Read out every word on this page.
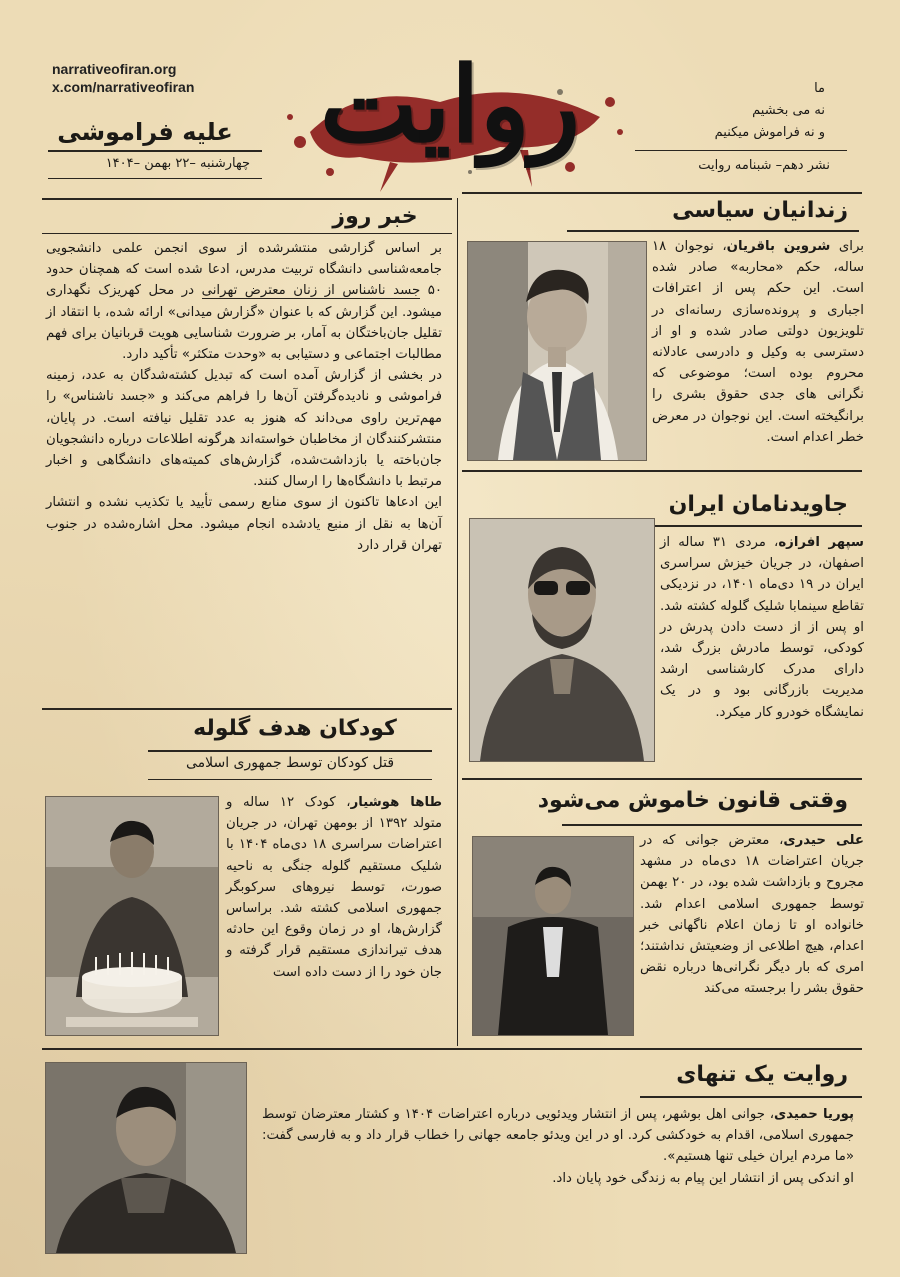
narrativeofiran.org
x.com/narrativeofiran	روایت	ما
نه می بخشیم
و نه فراموش میکنیم
نشر دهم– شبنامه روایت
علیه فراموشی
چهارشنبه –۲۲ بهمن –۱۴۰۴
خبر روز
بر اساس گزارشی منتشرشده از سوی انجمن علمی دانشجویی جامعه‌شناسی دانشگاه تربیت مدرس، ادعا شده است که همچنان حدود ۵۰ جسد ناشناس از زنان معترض تهرانی در محل کهریزک نگهداری میشود. این گزارش که با عنوان «گزارش میدانی» ارائه شده، با انتقاد از تقلیل جان‌باختگان به آمار، بر ضرورت شناسایی هویت قربانیان برای فهم مطالبات اجتماعی و دستیابی به «وحدت متکثر» تأکید دارد.
در بخشی از گزارش آمده است که تبدیل کشته‌شدگان به عدد، زمینه فراموشی و نادیده‌گرفتن آن‌ها را فراهم می‌کند و «جسد ناشناس» را مهم‌ترین راوی می‌داند که هنوز به عدد تقلیل نیافته است. در پایان، منتشرکنندگان از مخاطبان خواسته‌اند هرگونه اطلاعات درباره دانشجویان جان‌باخته یا بازداشت‌شده، گزارش‌های کمیته‌های دانشگاهی و اخبار مرتبط با دانشگاه‌ها را ارسال کنند.
این ادعاها تاکنون از سوی منابع رسمی تأیید یا تکذیب نشده و انتشار آن‌ها به نقل از منبع یادشده انجام میشود. محل اشاره‌شده در جنوب تهران قرار دارد
زندانیان سیاسی
برای شروین باقریان، نوجوان ۱۸ ساله، حکم «محاربه» صادر شده است. این حکم پس از اعترافات اجباری و پرونده‌سازی رسانه‌ای در تلویزیون دولتی صادر شده و او از دسترسی به وکیل و دادرسی عادلانه محروم بوده است؛ موضوعی که نگرانی های جدی حقوق بشری را برانگیخته است. این نوجوان در معرض خطر اعدام است.
جاویدنامان ایران
سپهر افرازه، مردی ۳۱ ساله از اصفهان، در جریان خیزش سراسری ایران در ۱۹ دی‌ماه ۱۴۰۱، در نزدیکی تقاطع سینمابا شلیک گلوله کشته شد. او پس از از دست دادن پدرش در کودکی، توسط مادرش بزرگ شد، دارای مدرک کارشناسی ارشد مدیریت بازرگانی بود و در یک نمایشگاه خودرو کار میکرد.
وقتی قانون خاموش می‌شود
علی حیدری، معترض جوانی که در جریان اعتراضات ۱۸ دی‌ماه در مشهد مجروح و بازداشت شده بود، در ۲۰ بهمن توسط جمهوری اسلامی اعدام شد. خانواده او تا زمان اعلام ناگهانی خبر اعدام، هیچ اطلاعی از وضعیتش نداشتند؛ امری که بار دیگر نگرانی‌ها درباره نقض حقوق بشر را برجسته می‌کند
کودکان هدف گلوله
قتل کودکان توسط جمهوری اسلامی
طاها هوشیار، کودک ۱۲ ساله و متولد ۱۳۹۲ از بومهن تهران، در جریان اعتراضات سراسری ۱۸ دی‌ماه ۱۴۰۴ با شلیک مستقیم گلوله جنگی به ناحیه صورت، توسط نیروهای سرکوبگر جمهوری اسلامی کشته شد. براساس گزارش‌ها، او در زمان وقوع این حادثه هدف تیراندازی مستقیم قرار گرفته و جان خود را از دست داده است
روایت یک تنهای
پوریا حمیدی، جوانی اهل بوشهر، پس از انتشار ویدئویی درباره اعتراضات ۱۴۰۴ و کشتار معترضان توسط جمهوری اسلامی، اقدام به خودکشی کرد. او در این ویدئو جامعه جهانی را خطاب قرار داد و به فارسی گفت: «ما مردم ایران خیلی تنها هستیم».
او اندکی پس از انتشار این پیام به زندگی خود پایان داد.
